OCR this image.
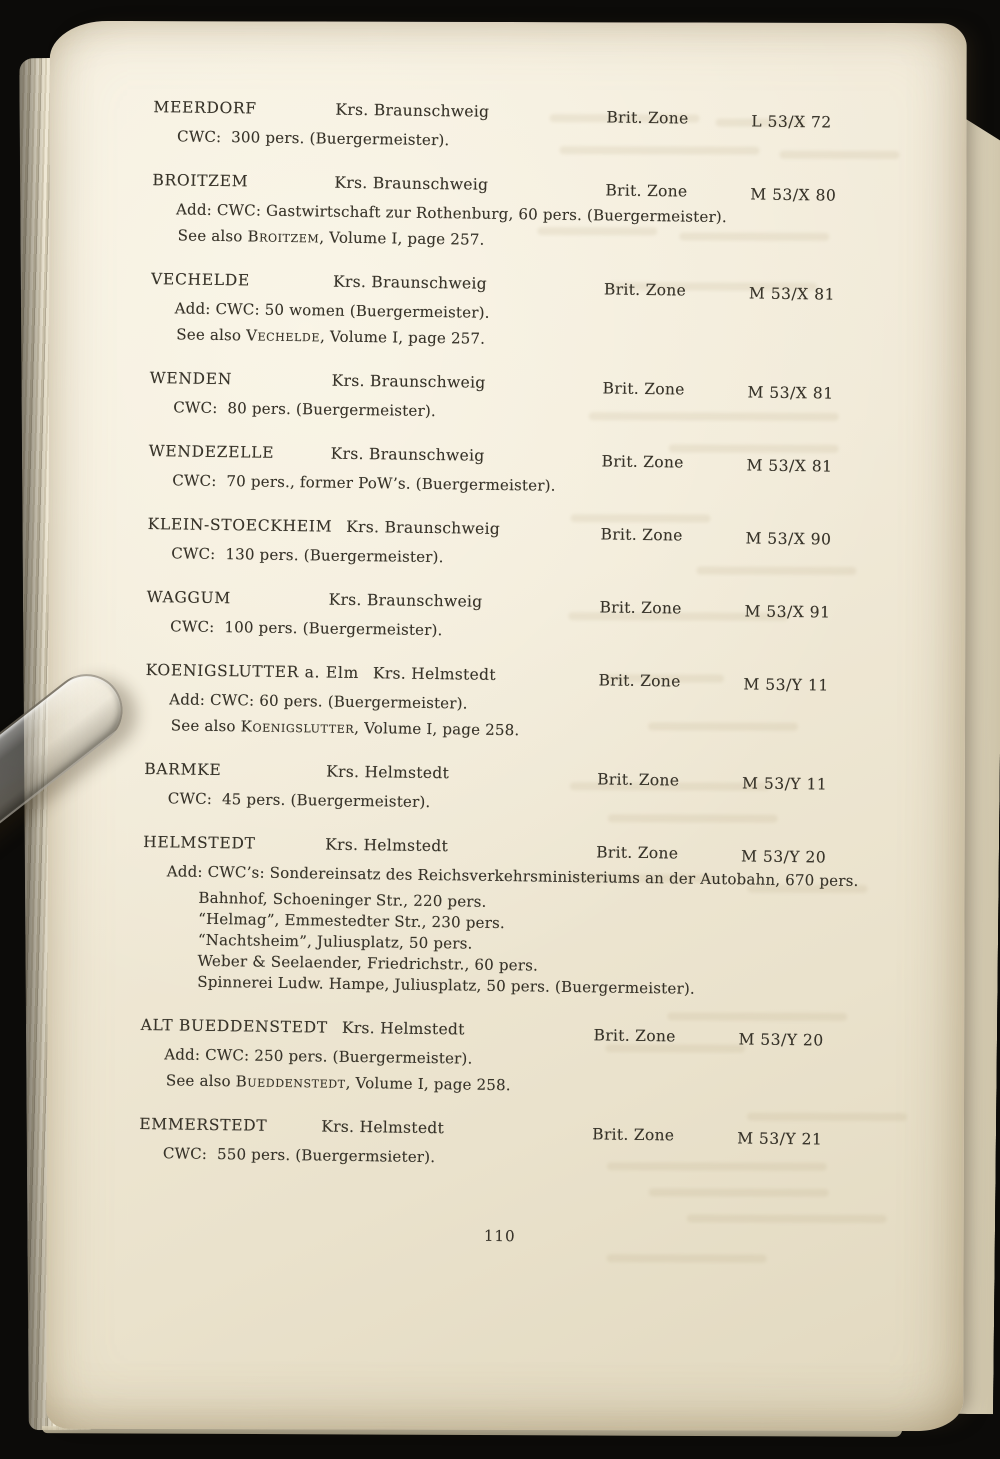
MEERDORF	Krs. Braunschweig	Brit. Zone	L 53/X 72
CWC:  300 pers. (Buergermeister).
BROITZEM	Krs. Braunschweig	Brit. Zone	M 53/X 80
Add: CWC: Gastwirtschaft zur Rothenburg, 60 pers. (Buergermeister).
See also Broitzem, Volume I, page 257.
VECHELDE	Krs. Braunschweig	Brit. Zone	M 53/X 81
Add: CWC: 50 women (Buergermeister).
See also Vechelde, Volume I, page 257.
WENDEN	Krs. Braunschweig	Brit. Zone	M 53/X 81
CWC:  80 pers. (Buergermeister).
WENDEZELLE	Krs. Braunschweig	Brit. Zone	M 53/X 81
CWC:  70 pers., former PoW’s. (Buergermeister).
KLEIN-STOECKHEIM Krs. Braunschweig	Brit. Zone	M 53/X 90
CWC:  130 pers. (Buergermeister).
WAGGUM	Krs. Braunschweig	Brit. Zone	M 53/X 91
CWC:  100 pers. (Buergermeister).
KOENIGSLUTTER a. Elm Krs. Helmstedt	Brit. Zone	M 53/Y 11
Add: CWC: 60 pers. (Buergermeister).
See also Koenigslutter, Volume I, page 258.
BARMKE	Krs. Helmstedt	Brit. Zone	M 53/Y 11
CWC:  45 pers. (Buergermeister).
HELMSTEDT	Krs. Helmstedt	Brit. Zone	M 53/Y 20
Add: CWC’s: Sondereinsatz des Reichsverkehrsministeriums an der Autobahn, 670 pers.
Bahnhof, Schoeninger Str., 220 pers.
“Helmag”, Emmestedter Str., 230 pers.
“Nachtsheim”, Juliusplatz, 50 pers.
Weber & Seelaender, Friedrichstr., 60 pers.
Spinnerei Ludw. Hampe, Juliusplatz, 50 pers. (Buergermeister).
ALT BUEDDENSTEDT Krs. Helmstedt	Brit. Zone	M 53/Y 20
Add: CWC: 250 pers. (Buergermeister).
See also Bueddenstedt, Volume I, page 258.
EMMERSTEDT	Krs. Helmstedt	Brit. Zone	M 53/Y 21
CWC:  550 pers. (Buergermsieter).
110
